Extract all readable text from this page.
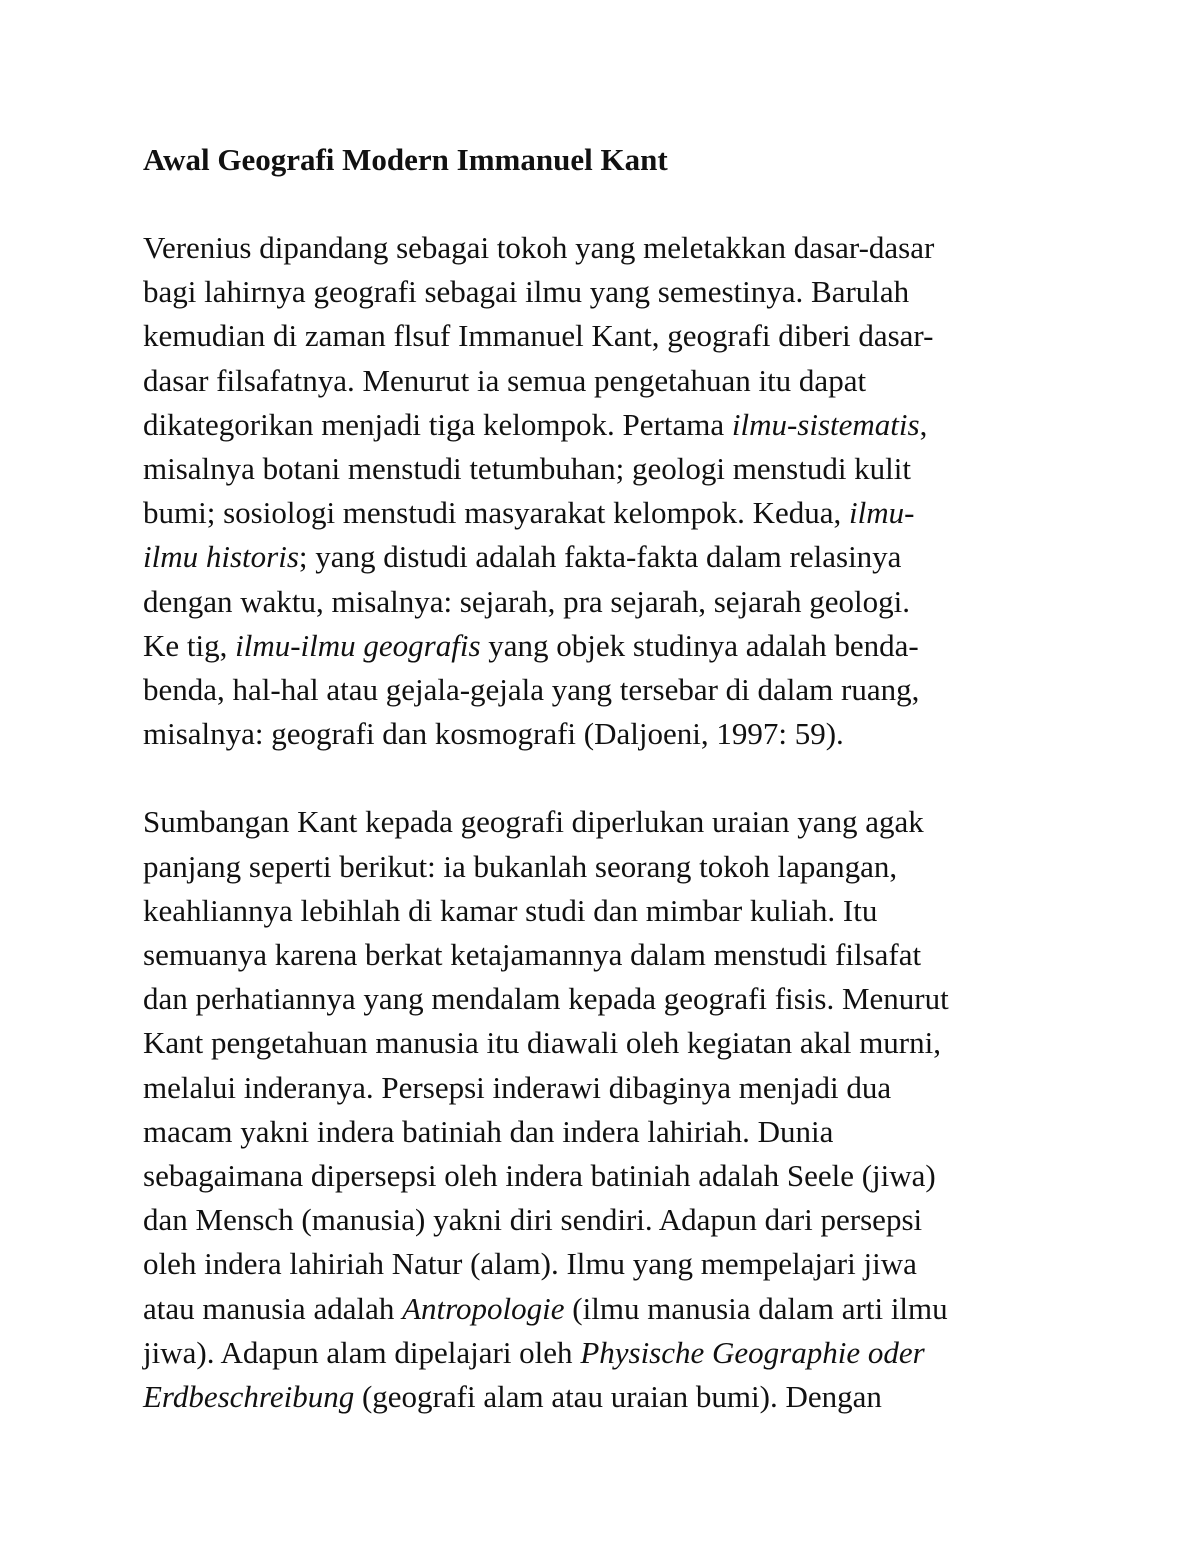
Awal Geografi Modern Immanuel Kant

Verenius dipandang sebagai tokoh yang meletakkan dasar-dasar
bagi lahirnya geografi sebagai ilmu yang semestinya. Barulah
kemudian di zaman flsuf Immanuel Kant, geografi diberi dasar-
dasar filsafatnya. Menurut ia semua pengetahuan itu dapat
dikategorikan menjadi tiga kelompok. Pertama ilmu-sistematis,
misalnya botani menstudi tetumbuhan; geologi menstudi kulit
bumi; sosiologi menstudi masyarakat kelompok. Kedua, ilmu-
ilmu historis; yang distudi adalah fakta-fakta dalam relasinya
dengan waktu, misalnya: sejarah, pra sejarah, sejarah geologi.
Ke tig, ilmu-ilmu geografis yang objek studinya adalah benda-
benda, hal-hal atau gejala-gejala yang tersebar di dalam ruang,
misalnya: geografi dan kosmografi (Daljoeni, 1997: 59).

Sumbangan Kant kepada geografi diperlukan uraian yang agak
panjang seperti berikut: ia bukanlah seorang tokoh lapangan,
keahliannya lebihlah di kamar studi dan mimbar kuliah. Itu
semuanya karena berkat ketajamannya dalam menstudi filsafat
dan perhatiannya yang mendalam kepada geografi fisis. Menurut
Kant pengetahuan manusia itu diawali oleh kegiatan akal murni,
melalui inderanya. Persepsi inderawi dibaginya menjadi dua
macam yakni indera batiniah dan indera lahiriah. Dunia
sebagaimana dipersepsi oleh indera batiniah adalah Seele (jiwa)
dan Mensch (manusia) yakni diri sendiri. Adapun dari persepsi
oleh indera lahiriah Natur (alam). Ilmu yang mempelajari jiwa
atau manusia adalah Antropologie (ilmu manusia dalam arti ilmu
jiwa). Adapun alam dipelajari oleh Physische Geographie oder
Erdbeschreibung (geografi alam atau uraian bumi). Dengan
